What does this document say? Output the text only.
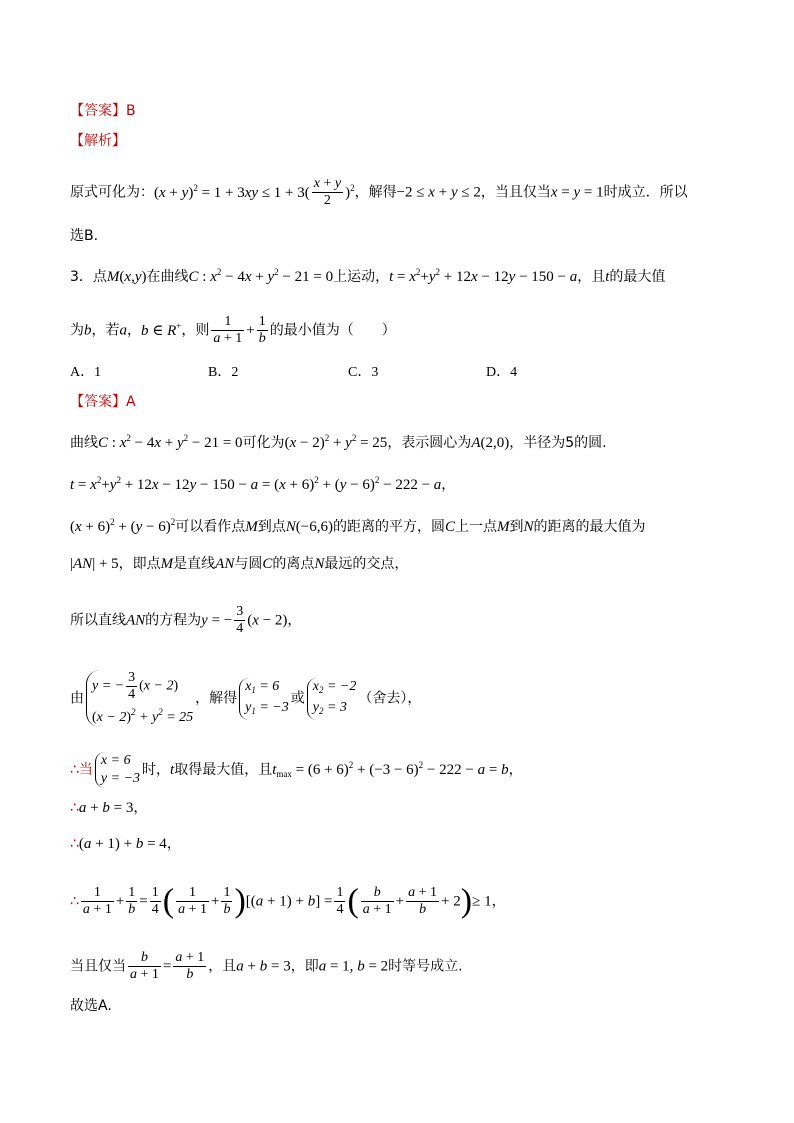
【答案】B
【解析】
原式可化为：$(x + y)^2 = 1 + 3xy \le 1 + 3( \frac{x + y}{2} )^2$，解得−2 ≤ x + y ≤ 2，当且仅当x = y = 1时成立．所以
选B.
3．点M(x,y)在曲线C : $x^2 - 4x + y^2 - 21 = 0$上运动，$t = x^2+y^2 + 12x - 12y - 150 - a$，且t的最大值
为b，若a，b ∈ R+，则 $\frac{1}{a + 1} + \frac{1}{b}$ 的最小值为（　　）
A．1	B．2	C．3	D．4
【答案】A
曲线C : $x^2 - 4x + y^2 - 21 = 0$可化为$(x - 2)^2 + y^2 = 25$，表示圆心为A(2,0)，半径为5的圆.
$t = x^2+y^2 + 12x - 12y - 150 - a = (x + 6)^2 + (y - 6)^2 - 222 - a$，
$(x + 6)^2 + (y - 6)^2$可以看作点M到点N(−6,6)的距离的平方，圆C上一点M到N的距离的最大值为
|AN| + 5，即点M是直线AN与圆C的离点N最远的交点，
所以直线AN的方程为y = − $\frac{3}{4} (x - 2)$，
由
y = − $\frac{3}{4} (x - 2)$
$(x - 2)^2 + y^2 = 25$
，解得
$x_1 = 6$
$y_1 = -3$
或
$x_2 = -2$
$y_2 = 3$
（舍去），
∴当
x = 6
y = −3
时，t取得最大值，且$t_{max} = (6 + 6)^2 + (-3 - 6)^2 - 222 - a = b$，
∴a + b = 3，
∴(a + 1) + b = 4，
∴ $\frac{1}{a + 1} + \frac{1}{b} = \frac{1}{4}$ ( $\frac{1}{a + 1} + \frac{1}{b} )[(a + 1) + b] = \frac{1}{4}$ ( $\frac{b}{a + 1} + \frac{a + 1}{b} + 2)\ge 1$，
当且仅当 $\frac{b}{a + 1} = \frac{a + 1}{b}$ ，且a + b = 3，即a = 1, b = 2时等号成立.
故选A.
